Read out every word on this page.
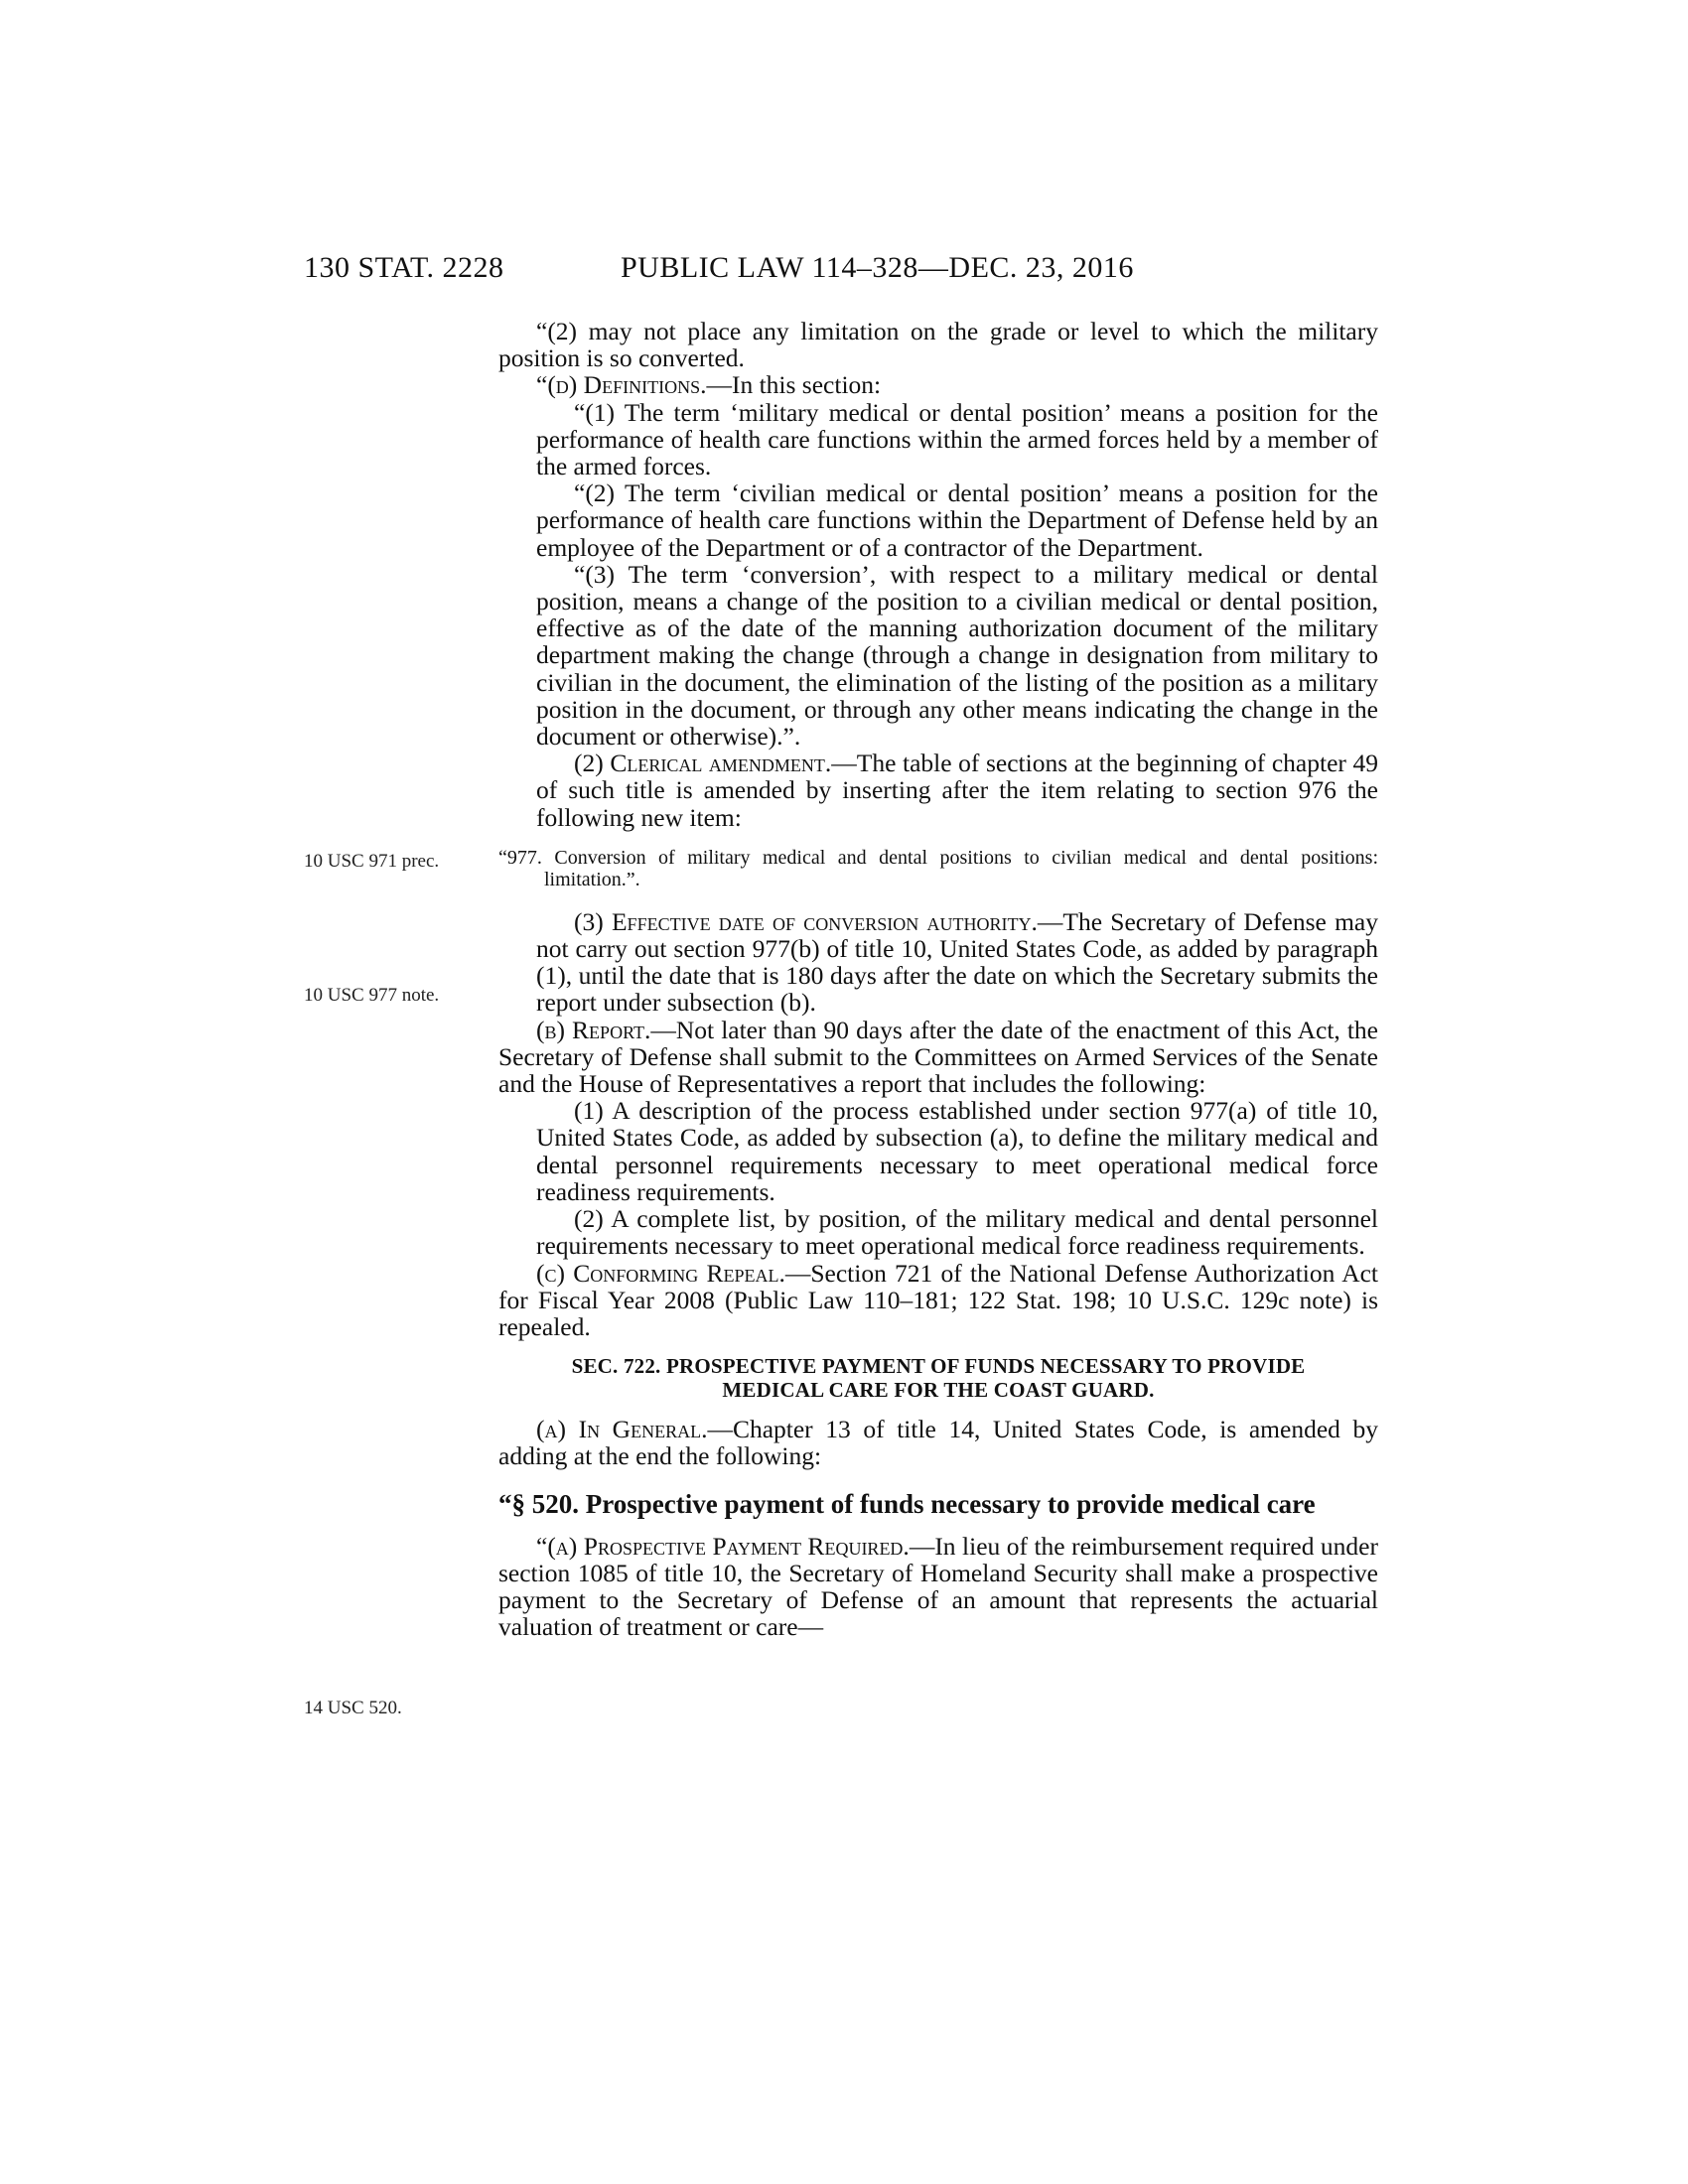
130 STAT. 2228	PUBLIC LAW 114–328—DEC. 23, 2016
10 USC 971 prec.
10 USC 977 note.
14 USC 520.

“(2) may not place any limitation on the grade or level to which the military position is so converted.

“(d) Definitions.—In this section:

“(1) The term ‘military medical or dental position’ means a position for the performance of health care functions within the armed forces held by a member of the armed forces.

“(2) The term ‘civilian medical or dental position’ means a position for the performance of health care functions within the Department of Defense held by an employee of the Department or of a contractor of the Department.

“(3) The term ‘conversion’, with respect to a military medical or dental position, means a change of the position to a civilian medical or dental position, effective as of the date of the manning authorization document of the military department making the change (through a change in designation from military to civilian in the document, the elimination of the listing of the position as a military position in the document, or through any other means indicating the change in the document or otherwise).”.

(2) Clerical amendment.—The table of sections at the beginning of chapter 49 of such title is amended by inserting after the item relating to section 976 the following new item:

“977. Conversion of military medical and dental positions to civilian medical and dental positions: limitation.”.

(3) Effective date of conversion authority.—The Secretary of Defense may not carry out section 977(b) of title 10, United States Code, as added by paragraph (1), until the date that is 180 days after the date on which the Secretary submits the report under subsection (b).

(b) Report.—Not later than 90 days after the date of the enactment of this Act, the Secretary of Defense shall submit to the Committees on Armed Services of the Senate and the House of Representatives a report that includes the following:

(1) A description of the process established under section 977(a) of title 10, United States Code, as added by subsection (a), to define the military medical and dental personnel requirements necessary to meet operational medical force readiness requirements.

(2) A complete list, by position, of the military medical and dental personnel requirements necessary to meet operational medical force readiness requirements.

(c) Conforming Repeal.—Section 721 of the National Defense Authorization Act for Fiscal Year 2008 (Public Law 110–181; 122 Stat. 198; 10 U.S.C. 129c note) is repealed.

SEC. 722. PROSPECTIVE PAYMENT OF FUNDS NECESSARY TO PROVIDE
MEDICAL CARE FOR THE COAST GUARD.

(a) In General.—Chapter 13 of title 14, United States Code, is amended by adding at the end the following:

“§ 520. Prospective payment of funds necessary to provide medical care

“(a) Prospective Payment Required.—In lieu of the reimbursement required under section 1085 of title 10, the Secretary of Homeland Security shall make a prospective payment to the Secretary of Defense of an amount that represents the actuarial valuation of treatment or care—
